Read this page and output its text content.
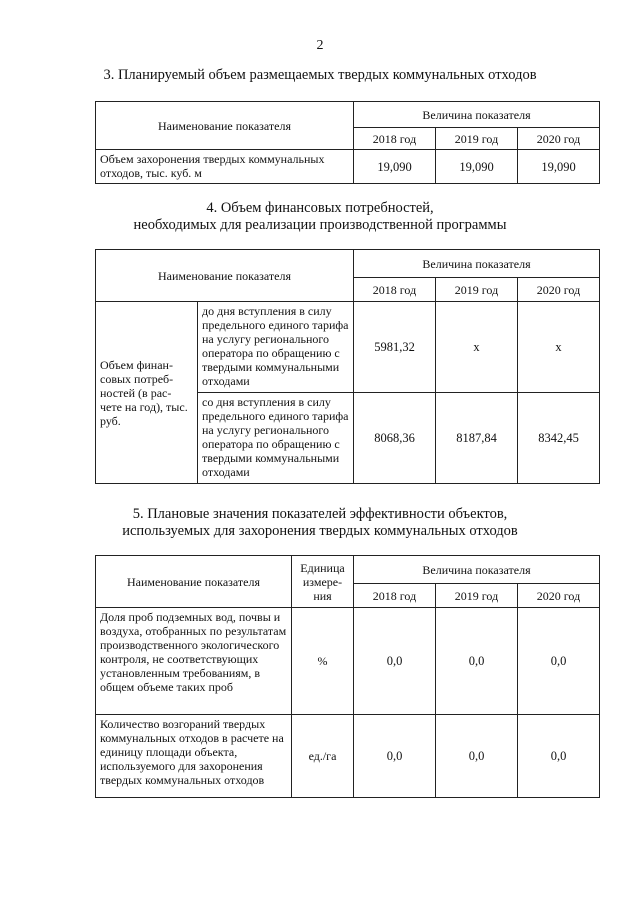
2
3. Планируемый объем размещаемых твердых коммунальных отходов
Наименование показателя	Величина показателя		
	2018 год	2019 год	2020 год
Объем захоронения твердых коммунальных отходов, тыс. куб. м	19,090	19,090	19,090
4. Объем финансовых потребностей,
необходимых для реализации производственной программы
Наименование показателя		Величина показателя		
		2018 год	2019 год	2020 год
Объем финан- совых потреб- ностей (в рас- чете на год), тыс. руб.	до дня вступления в силу предельного единого тарифа на услугу регионального оператора по обращению с твердыми коммунальными отходами	5981,32	х	х
	со дня вступления в силу предельного единого тарифа на услугу регионального оператора по обращению с твердыми коммунальными отходами	8068,36	8187,84	8342,45
5. Плановые значения показателей эффективности объектов,
используемых для захоронения твердых коммунальных отходов
Наименование показателя	Единица измере- ния	Величина показателя		
		2018 год	2019 год	2020 год
Доля проб подземных вод, почвы и воздуха, отобранных по результатам производственного экологического контроля, не соответствующих установленным требованиям, в общем объеме таких проб	%	0,0	0,0	0,0
Количество возгораний твердых коммунальных отходов в расчете на единицу площади объекта, используемого для захоронения твердых коммунальных отходов	ед./га	0,0	0,0	0,0
